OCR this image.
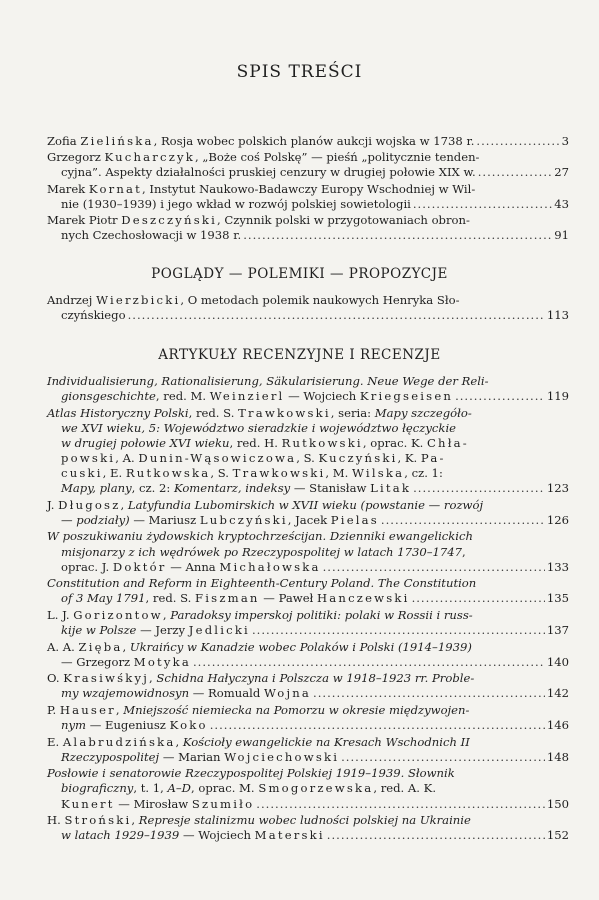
SPIS TREŚCI
Zofia Zielińska, Rosja wobec polskich planów aukcji wojska w 1738 r. .....	3
Grzegorz Kucharczyk, „Boże coś Polskę” — pieśń „politycznie tenden-
cyjna”. Aspekty działalności pruskiej cenzury w drugiej połowie XIX w. .....	27
Marek Kornat, Instytut Naukowo-Badawczy Europy Wschodniej w Wil-
nie (1930–1939) i jego wkład w rozwój polskiej sowietologii .....	43
Marek Piotr Deszczyński, Czynnik polski w przygotowaniach obron-
nych Czechosłowacji w 1938 r. .....	91
POGLĄDY — POLEMIKI — PROPOZYCJE
Andrzej Wierzbicki, O metodach polemik naukowych Henryka Sło-
czyńskiego .....	113
ARTYKUŁY RECENZYJNE I RECENZJE
Individualisierung, Rationalisierung, Säkularisierung. Neue Wege der Reli-
gionsgeschichte, red. M. Weinzierl — Wojciech Kriegseisen .....	119
Atlas Historyczny Polski, red. S. Trawkowski, seria: Mapy szczegóło-
we XVI wieku, 5: Województwo sieradzkie i województwo łęczyckie
w drugiej połowie XVI wieku, red. H. Rutkowski, oprac. K. Chła-
powski, A. Dunin-Wąsowiczowa, S. Kuczyński, K. Pa-
cuski, E. Rutkowska, S. Trawkowski, M. Wilska, cz. 1:
Mapy, plany, cz. 2: Komentarz, indeksy — Stanisław Litak .....	123
J. Długosz, Latyfundia Lubomirskich w XVII wieku (powstanie — rozwój
— podziały) — Mariusz Lubczyński, Jacek Pielas .....	126
W poszukiwaniu żydowskich kryptochrześcijan. Dzienniki ewangelickich
misjonarzy z ich wędrówek po Rzeczypospolitej w latach 1730–1747,
oprac. J. Doktór — Anna Michałowska .....	133
Constitution and Reform in Eighteenth-Century Poland. The Constitution
of 3 May 1791, red. S. Fiszman — Paweł Hanczewski .....	135
L. J. Gorizontow, Paradoksy imperskoj politiki: polaki w Rossii i russ-
kije w Polsze — Jerzy Jedlicki .....	137
A. A. Zięba, Ukraińcy w Kanadzie wobec Polaków i Polski (1914–1939)
— Grzegorz Motyka .....	140
O. Krasiwśkyj, Schidna Hałyczyna i Polszcza w 1918–1923 rr. Proble-
my wzajemowidnosyn — Romuald Wojna .....	142
P. Hauser, Mniejszość niemiecka na Pomorzu w okresie międzywojen-
nym — Eugeniusz Koko .....	146
E. Alabrudzińska, Kościoły ewangelickie na Kresach Wschodnich II
Rzeczypospolitej — Marian Wojciechowski .....	148
Posłowie i senatorowie Rzeczypospolitej Polskiej 1919–1939. Słownik
biograficzny, t. 1, A–D, oprac. M. Smogorzewska, red. A. K.
Kunert — Mirosław Szumiło .....	150
H. Stroński, Represje stalinizmu wobec ludności polskiej na Ukrainie
w latach 1929–1939 — Wojciech Materski .....	152
